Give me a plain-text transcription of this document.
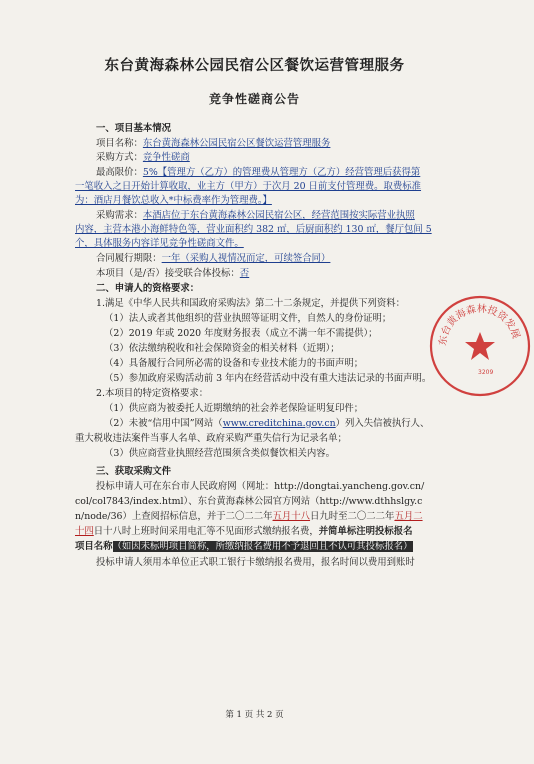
东台黄海森林公园民宿公区餐饮运营管理服务
竞争性磋商公告
一、项目基本情况
项目名称：东台黄海森林公园民宿公区餐饮运营管理服务
采购方式：竞争性磋商
最高限价：5%【管理方（乙方）的管理费从管理方（乙方）经营管理后获得第
一笔收入之日开始计算收取，业主方（甲方）于次月 20 日前支付管理费。取费标准
为：酒店月餐饮总收入*中标费率作为管理费。】
采购需求：本酒店位于东台黄海森林公园民宿公区，经营范围按实际营业执照
内容，主营本港小海鲜特色等，营业面积约 382 ㎡，后厨面积约 130 ㎡，餐厅包间 5
个，具体服务内容详见竞争性磋商文件。
合同履行期限：一年（采购人视情况而定，可续签合同）
本项目（是/否）接受联合体投标：否
二、申请人的资格要求：
1.满足《中华人民共和国政府采购法》第二十二条规定，并提供下列资料：
（1）法人或者其他组织的营业执照等证明文件，自然人的身份证明；
（2）2019 年或 2020 年度财务报表（成立不满一年不需提供）；
（3）依法缴纳税收和社会保障资金的相关材料（近期）；
（4）具备履行合同所必需的设备和专业技术能力的书面声明；
（5）参加政府采购活动前 3 年内在经营活动中没有重大违法记录的书面声明。
2.本项目的特定资格要求：
（1）供应商为被委托人近期缴纳的社会养老保险证明复印件；
（2）未被“信用中国”网站（www.creditchina.gov.cn）列入失信被执行人、
重大税收违法案件当事人名单、政府采购严重失信行为记录名单；
（3）供应商营业执照经营范围须含类似餐饮相关内容。
三、获取采购文件
投标申请人可在东台市人民政府网（网址：http://dongtai.yancheng.gov.cn/
col/col7843/index.html）、东台黄海森林公园官方网站（http://www.dthhslgy.c
n/node/36）上查阅招标信息，并于二〇二二年五月十八日九时至二〇二二年五月二
十四日十八时上班时间采用电汇等不见面形式缴纳报名费，并简单标注明投标报名
项目名称（如因未标明项目简称，所缴纳报名费用不予退回且不认可其投标报名）
投标申请人须用本单位正式职工银行卡缴纳报名费用，报名时间以费用到账时
东台黄海森林投资发展
3209
第 1 页 共 2 页
